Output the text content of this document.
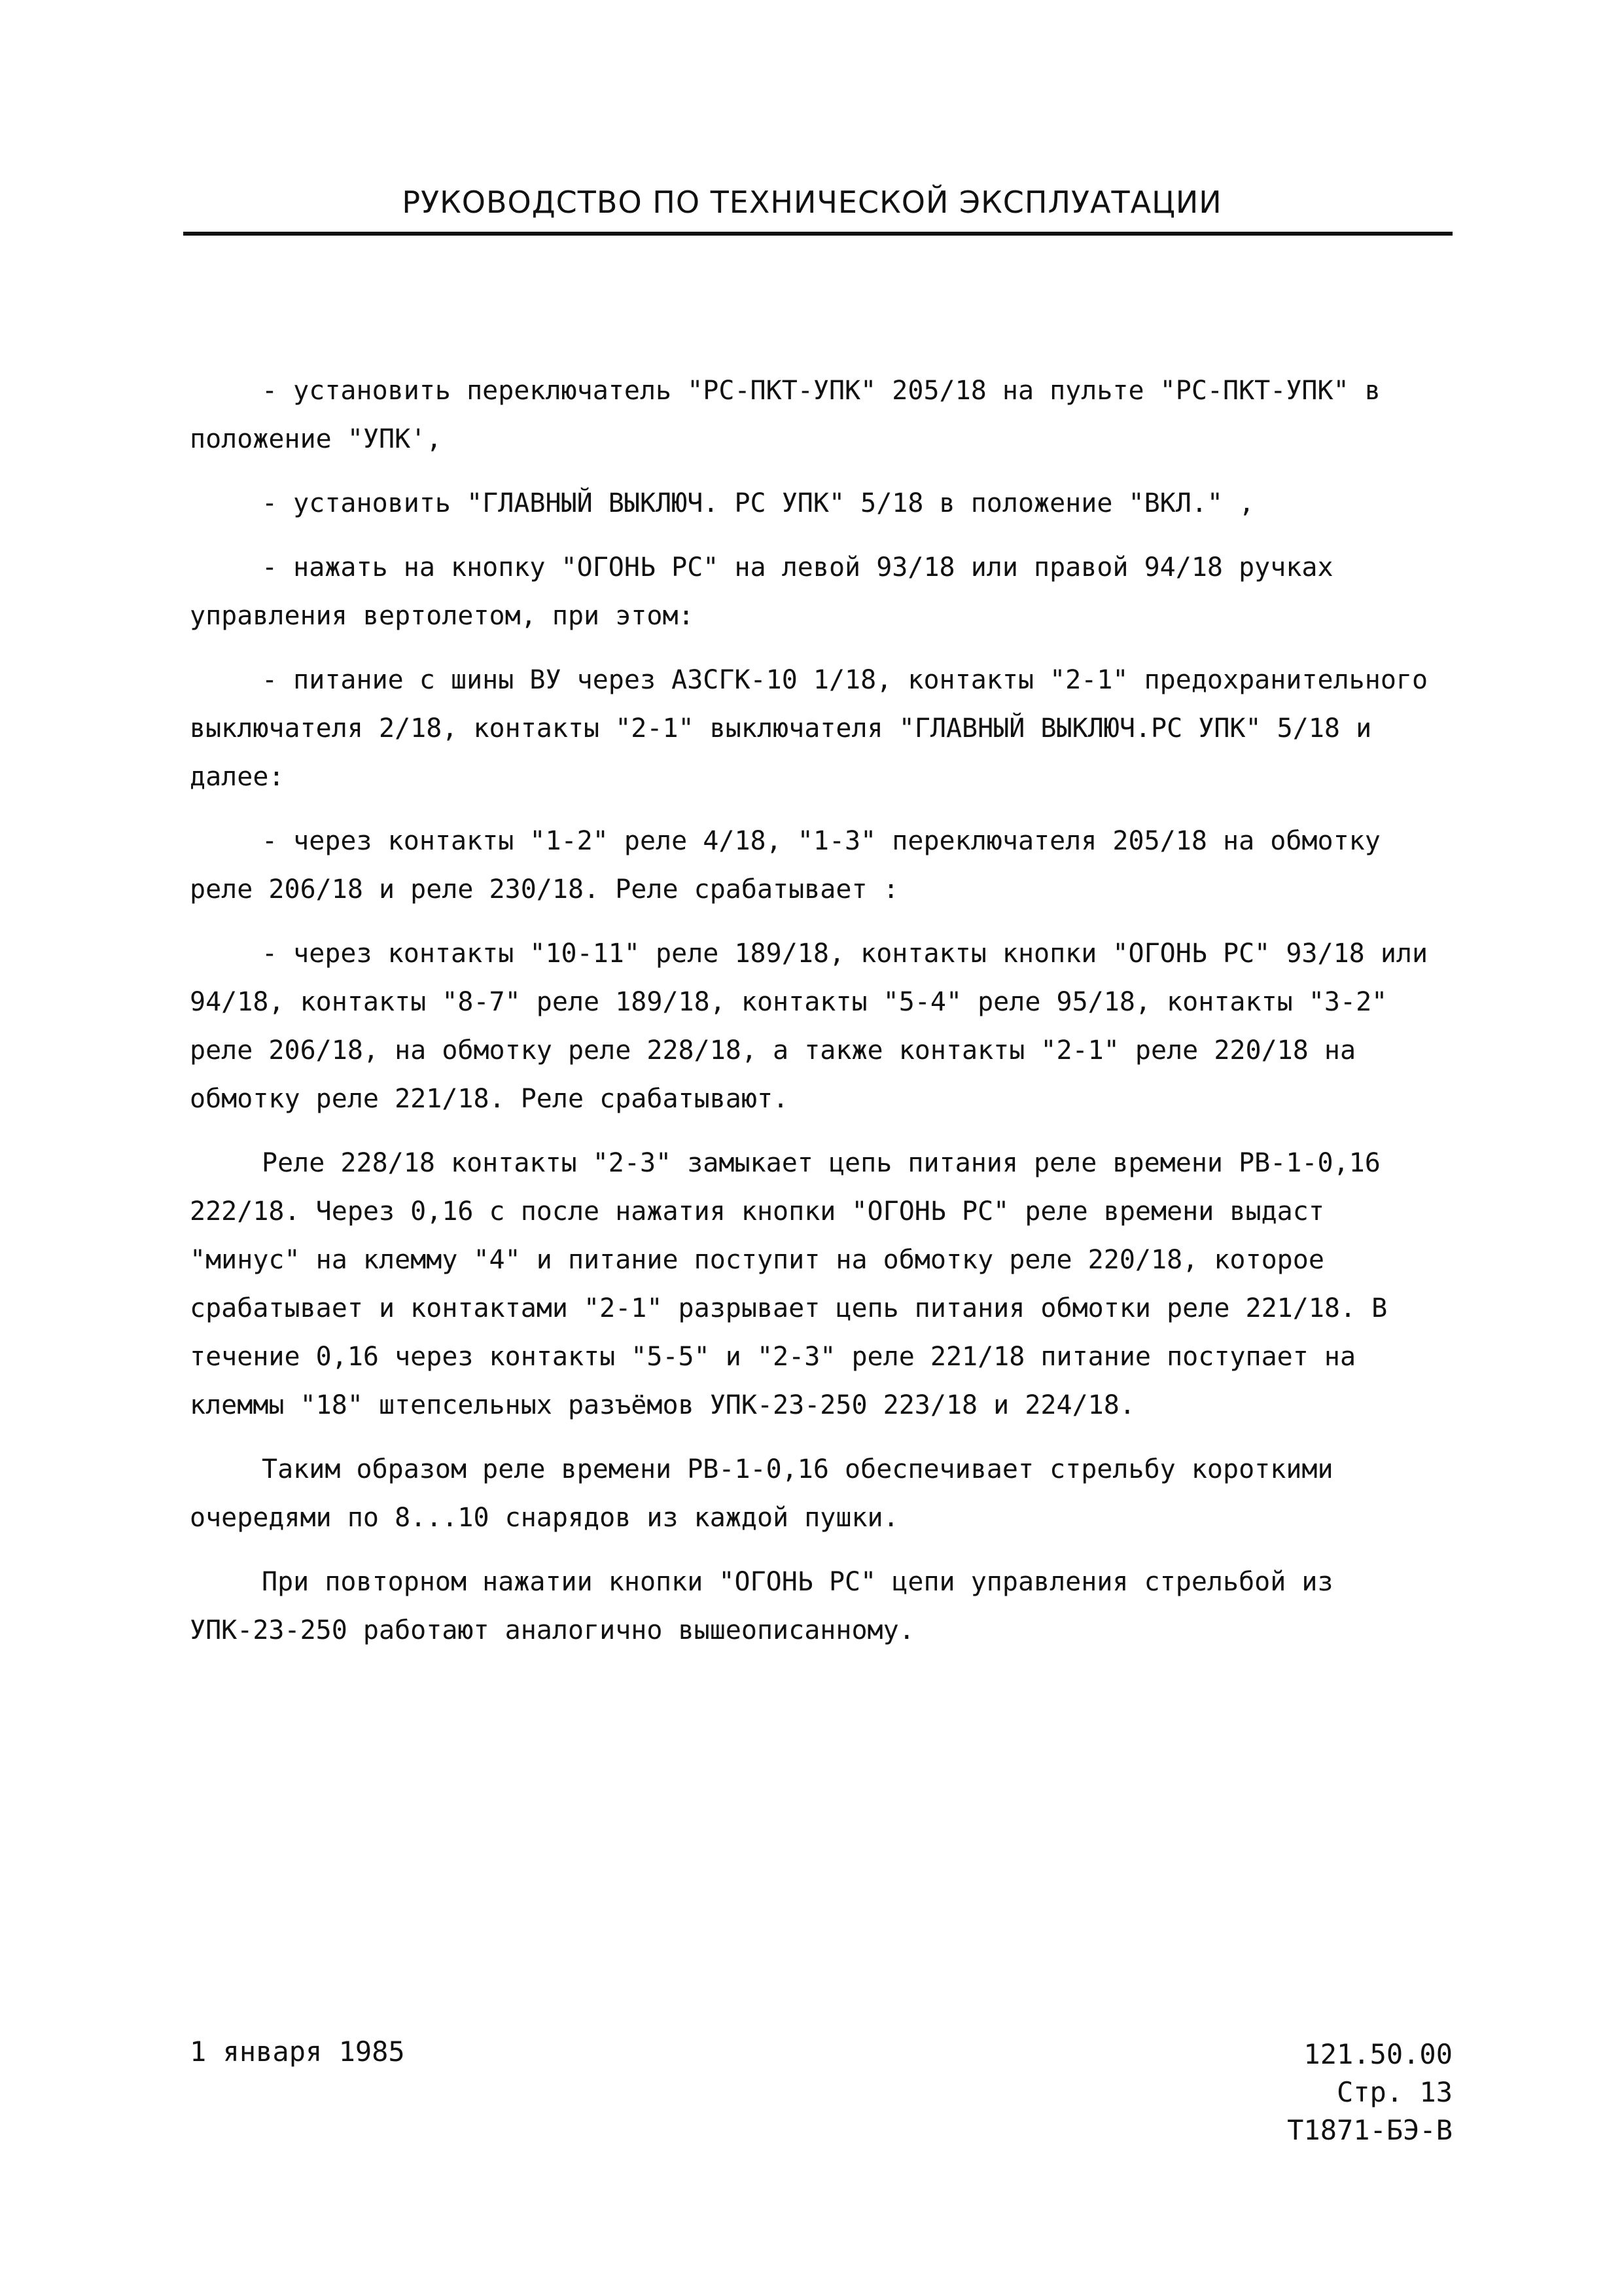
РУКОВОДСТВО ПО ТЕХНИЧЕСКОЙ ЭКСПЛУАТАЦИИ

- установить переключатель "РС-ПКТ-УПК" 205/18 на пульте "РС-ПКТ-УПК" в положение "УПК',

- установить "ГЛАВНЫЙ ВЫКЛЮЧ. РС УПК" 5/18 в положение "ВКЛ." ,

- нажать на кнопку "ОГОНЬ РС" на левой 93/18 или правой 94/18 ручках управления вертолетом, при этом:

- питание с шины ВУ через АЗСГК-10 1/18, контакты "2-1" предохранительного выключателя 2/18, контакты "2-1" выключателя "ГЛАВНЫЙ ВЫКЛЮЧ.РС УПК" 5/18 и далее:

- через контакты "1-2" реле 4/18, "1-3" переключателя 205/18 на обмотку реле 206/18 и реле 230/18. Реле срабатывает :

- через контакты "10-11" реле 189/18, контакты кнопки "ОГОНЬ РС" 93/18 или 94/18, контакты "8-7" реле 189/18, контакты "5-4" реле 95/18, контакты "3-2" реле 206/18, на обмотку реле 228/18, а также контакты "2-1" реле 220/18 на обмотку реле 221/18. Реле срабатывают.

Реле 228/18 контакты "2-3" замыкает цепь питания реле времени РВ-1-0,16 222/18. Через 0,16 с после нажатия кнопки "ОГОНЬ РС" реле времени выдаст "минус" на клемму "4" и питание поступит на обмотку реле 220/18, которое срабатывает и контактами "2-1" разрывает цепь питания обмотки реле 221/18. В течение 0,16 через контакты "5-5" и "2-3" реле 221/18 питание поступает на клеммы "18" штепсельных разъёмов УПК-23-250 223/18 и 224/18.

Таким образом реле времени РВ-1-0,16 обеспечивает стрельбу короткими очередями по 8...10 снарядов из каждой пушки.

При повторном нажатии кнопки "ОГОНЬ РС" цепи управления стрельбой из УПК-23-250 работают аналогично вышеописанному.

1 января 1985	121.50.00
Стр. 13
Т1871-БЭ-В
